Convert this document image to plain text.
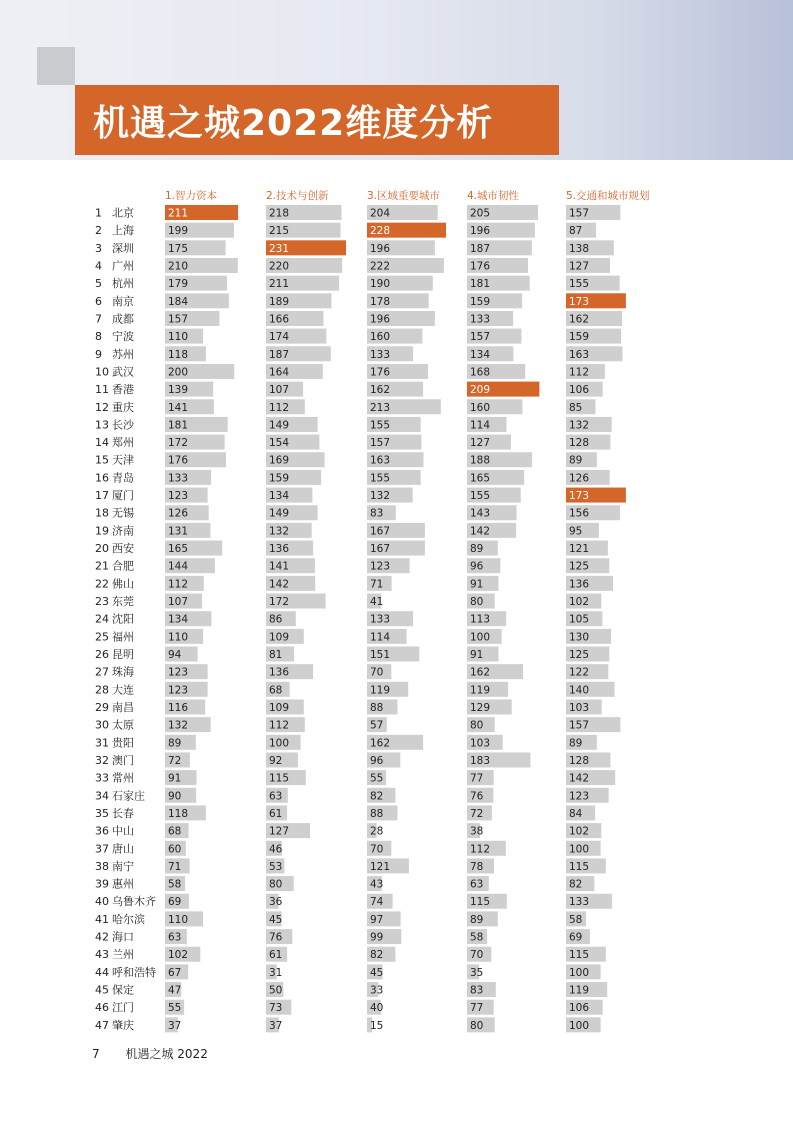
机遇之城2022维度分析
1 北京
2 上海
3 深圳
4 广州
5 杭州
6 南京
7 成都
8 宁波
9 苏州
10 武汉
11 香港
12 重庆
13 长沙
14 郑州
15 天津
16 青岛
17 厦门
18 无锡
19 济南
20 西安
21 合肥
22 佛山
23 东莞
24 沈阳
25 福州
26 昆明
27 珠海
28 大连
29 南昌
30 太原
31 贵阳
32 澳门
33 常州
34 石家庄
35 长春
36 中山
37 唐山
38 南宁
39 惠州
40 乌鲁木齐
41 哈尔滨
42 海口
43 兰州
44 呼和浩特
45 保定
46 江门
47 肇庆
1.智力资本
211
199
175
210
179
184
157
110
118
200
139
141
181
172
176
133
123
126
131
165
144
112
107
134
110
94
123
123
116
132
89
72
91
90
118
68
60
71
58
69
110
63
102
67
47
55
37
2.技术与创新
218
215
231
220
211
189
166
174
187
164
107
112
149
154
169
159
134
149
132
136
141
142
172
86
109
81
136
68
109
112
100
92
115
63
61
127
46
53
80
36
45
76
61
31
50
73
37
3.区域重要城市
204
228
196
222
190
178
196
160
133
176
162
213
155
157
163
155
132
83
167
167
123
71
41
133
114
151
70
119
88
57
162
96
55
82
88
28
70
121
43
74
97
99
82
45
33
40
15
4.城市韧性
205
196
187
176
181
159
133
157
134
168
209
160
114
127
188
165
155
143
142
89
96
91
80
113
100
91
162
119
129
80
103
183
77
76
72
38
112
78
63
115
89
58
70
35
83
77
80
5.交通和城市规划
157
87
138
127
155
173
162
159
163
112
106
85
132
128
89
126
173
156
95
121
125
136
102
105
130
125
122
140
103
157
89
128
142
123
84
102
100
115
82
133
58
69
115
100
119
106
100
7 机遇之城 2022
